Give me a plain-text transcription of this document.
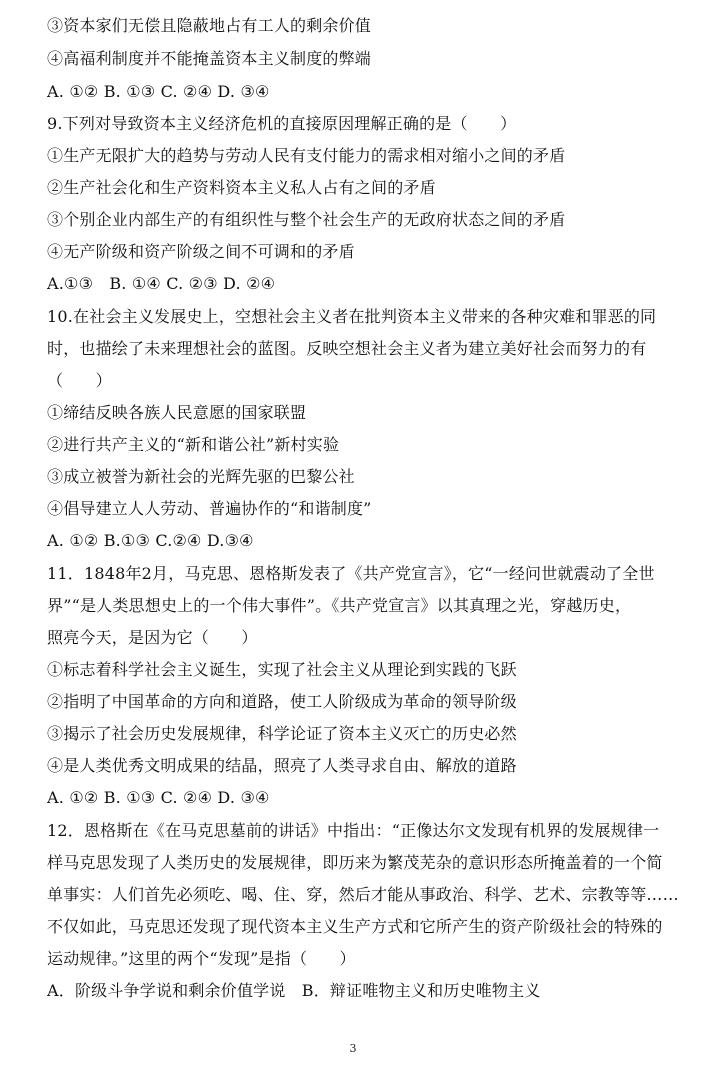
③资本家们无偿且隐蔽地占有工人的剩余价值
④高福利制度并不能掩盖资本主义制度的弊端
A. ①② B. ①③ C. ②④ D. ③④
9.下列对导致资本主义经济危机的直接原因理解正确的是（　　）
①生产无限扩大的趋势与劳动人民有支付能力的需求相对缩小之间的矛盾
②生产社会化和生产资料资本主义私人占有之间的矛盾
③个别企业内部生产的有组织性与整个社会生产的无政府状态之间的矛盾
④无产阶级和资产阶级之间不可调和的矛盾
A.①③　B. ①④ C. ②③ D. ②④
10.在社会主义发展史上，空想社会主义者在批判资本主义带来的各种灾难和罪恶的同
时，也描绘了未来理想社会的蓝图。反映空想社会主义者为建立美好社会而努力的有
（　　）
①缔结反映各族人民意愿的国家联盟
②进行共产主义的“新和谐公社”新村实验
③成立被誉为新社会的光辉先驱的巴黎公社
④倡导建立人人劳动、普遍协作的“和谐制度”
A. ①② B.①③ C.②④ D.③④
11．1848年2月，马克思、恩格斯发表了《共产党宣言》，它“一经问世就震动了全世
界”“是人类思想史上的一个伟大事件”。《共产党宣言》以其真理之光，穿越历史，
照亮今天，是因为它（　　）
①标志着科学社会主义诞生，实现了社会主义从理论到实践的飞跃
②指明了中国革命的方向和道路，使工人阶级成为革命的领导阶级
③揭示了社会历史发展规律，科学论证了资本主义灭亡的历史必然
④是人类优秀文明成果的结晶，照亮了人类寻求自由、解放的道路
A. ①② B. ①③ C. ②④ D. ③④
12．恩格斯在《在马克思墓前的讲话》中指出：“正像达尔文发现有机界的发展规律一
样马克思发现了人类历史的发展规律，即历来为繁茂芜杂的意识形态所掩盖着的一个简
单事实：人们首先必须吃、喝、住、穿，然后才能从事政治、科学、艺术、宗教等等……
不仅如此，马克思还发现了现代资本主义生产方式和它所产生的资产阶级社会的特殊的
运动规律。”这里的两个“发现”是指（　　）
A．阶级斗争学说和剩余价值学说　B．辩证唯物主义和历史唯物主义
3
